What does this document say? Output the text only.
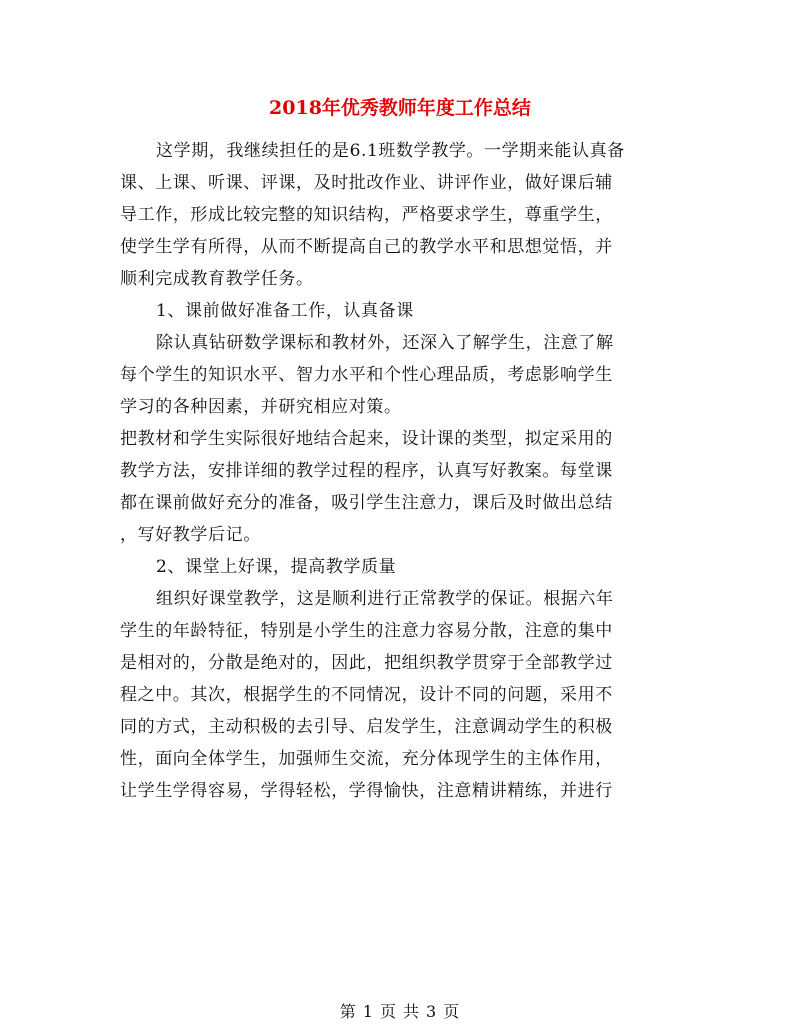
2018年优秀教师年度工作总结
这学期，我继续担任的是6.1班数学教学。一学期来能认真备
课、上课、听课、评课，及时批改作业、讲评作业，做好课后辅
导工作，形成比较完整的知识结构，严格要求学生，尊重学生，
使学生学有所得，从而不断提高自己的教学水平和思想觉悟，并
顺利完成教育教学任务。
1、课前做好准备工作，认真备课
除认真钻研数学课标和教材外，还深入了解学生，注意了解
每个学生的知识水平、智力水平和个性心理品质，考虑影响学生
学习的各种因素，并研究相应对策。
把教材和学生实际很好地结合起来，设计课的类型，拟定采用的
教学方法，安排详细的教学过程的程序，认真写好教案。每堂课
都在课前做好充分的准备，吸引学生注意力，课后及时做出总结
，写好教学后记。
2、课堂上好课，提高教学质量
组织好课堂教学，这是顺利进行正常教学的保证。根据六年
学生的年龄特征，特别是小学生的注意力容易分散，注意的集中
是相对的，分散是绝对的，因此，把组织教学贯穿于全部教学过
程之中。其次，根据学生的不同情况，设计不同的问题，采用不
同的方式，主动积极的去引导、启发学生，注意调动学生的积极
性，面向全体学生，加强师生交流，充分体现学生的主体作用，
让学生学得容易，学得轻松，学得愉快，注意精讲精练，并进行
第 1 页 共 3 页
